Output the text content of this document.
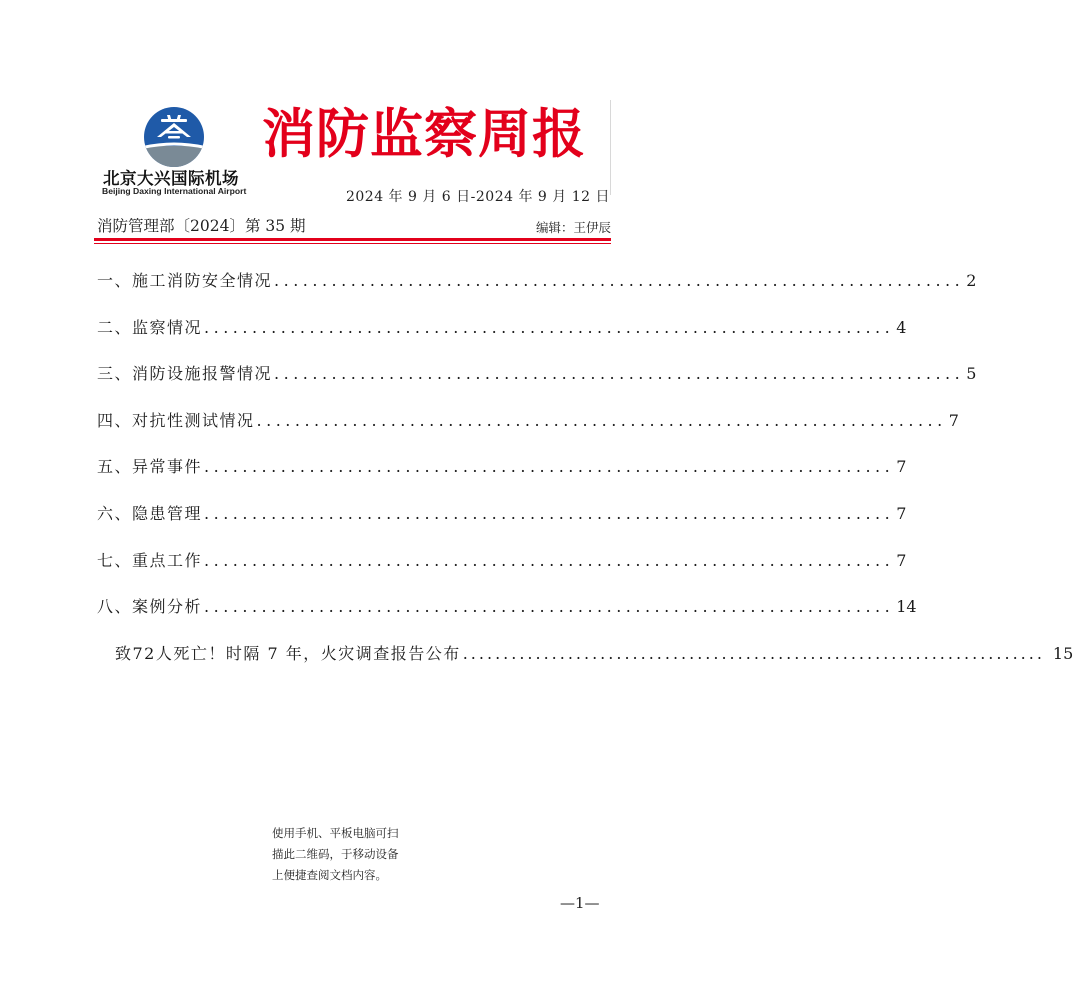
北京大兴国际机场
Beijing Daxing International Airport
消防监察周报
2024 年 9 月 6 日-2024 年 9 月 12 日
消防管理部〔2024〕第 35 期	编辑：王伊辰
一、施工消防安全情况 ........................................................................ 2
二、监察情况 ........................................................................ 4
三、消防设施报警情况 ........................................................................ 5
四、对抗性测试情况 ........................................................................ 7
五、异常事件 ........................................................................ 7
六、隐患管理 ........................................................................ 7
七、重点工作 ........................................................................ 7
八、案例分析 ........................................................................ 14
致72人死亡！时隔 7 年，火灾调查报告公布 ........................................................................ 15
使用手机、平板电脑可扫
描此二维码，于移动设备
上便捷查阅文档内容。
—1—
